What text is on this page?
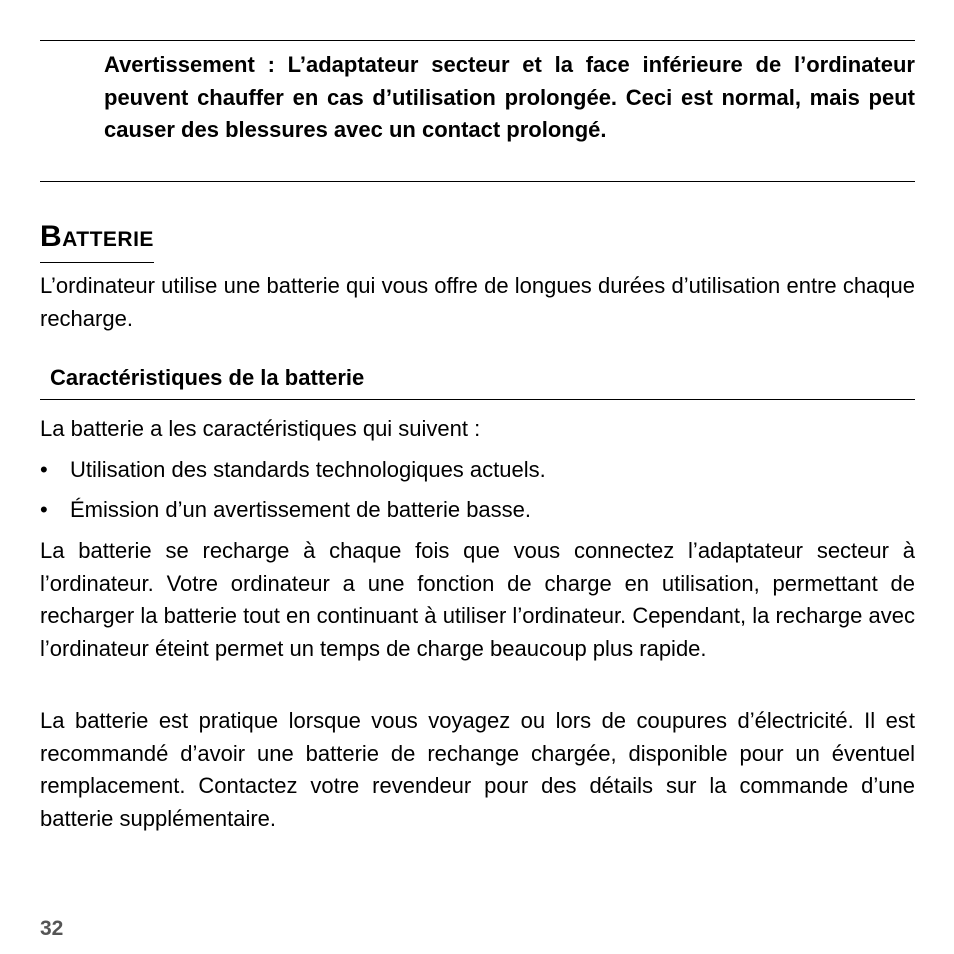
Avertissement : L’adaptateur secteur et la face inférieure de l’ordinateur peuvent chauffer en cas d’utilisation prolongée. Ceci est normal, mais peut causer des blessures avec un contact prolongé.

Batterie

L’ordinateur utilise une batterie qui vous offre de longues durées d’utilisation entre chaque recharge.

Caractéristiques de la batterie

La batterie a les caractéristiques qui suivent :

• Utilisation des standards technologiques actuels.
• Émission d’un avertissement de batterie basse.

La batterie se recharge à chaque fois que vous connectez l’adaptateur secteur à l’ordinateur. Votre ordinateur a une fonction de charge en utilisation, permettant de recharger la batterie tout en continuant à utiliser l’ordinateur. Cependant, la recharge avec l’ordinateur éteint permet un temps de charge beaucoup plus rapide.

La batterie est pratique lorsque vous voyagez ou lors de coupures d’électricité. Il est recommandé d’avoir une batterie de rechange chargée, disponible pour un éventuel remplacement. Contactez votre revendeur pour des détails sur la commande d’une batterie supplémentaire.

32
